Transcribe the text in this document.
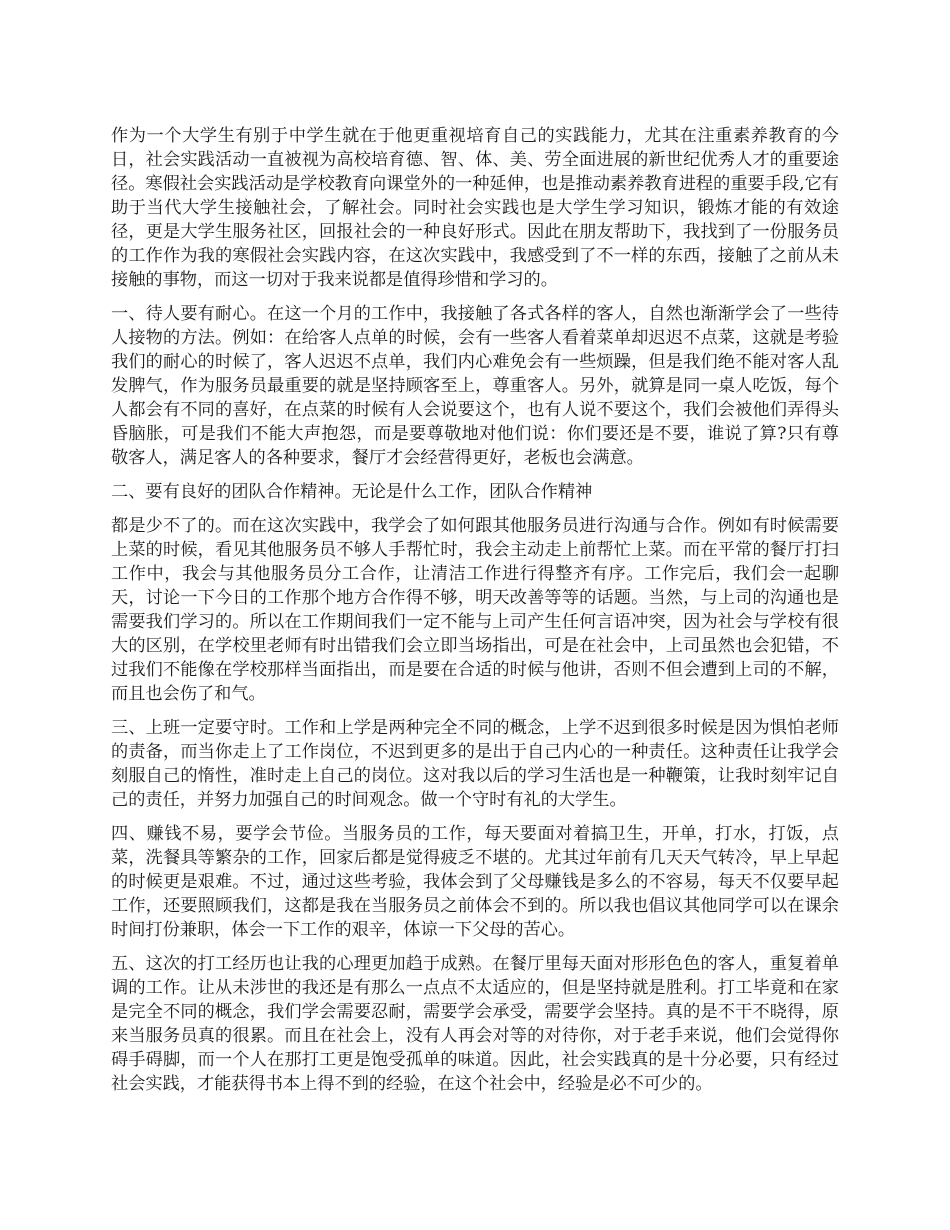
作为一个大学生有别于中学生就在于他更重视培育自己的实践能力，尤其在注重素养教育的今日，社会实践活动一直被视为高校培育德、智、体、美、劳全面进展的新世纪优秀人才的重要途径。寒假社会实践活动是学校教育向课堂外的一种延伸，也是推动素养教育进程的重要手段,它有助于当代大学生接触社会，了解社会。同时社会实践也是大学生学习知识，锻炼才能的有效途径，更是大学生服务社区，回报社会的一种良好形式。因此在朋友帮助下，我找到了一份服务员的工作作为我的寒假社会实践内容，在这次实践中，我感受到了不一样的东西，接触了之前从未接触的事物，而这一切对于我来说都是值得珍惜和学习的。

一、待人要有耐心。在这一个月的工作中，我接触了各式各样的客人，自然也渐渐学会了一些待人接物的方法。例如：在给客人点单的时候，会有一些客人看着菜单却迟迟不点菜，这就是考验我们的耐心的时候了，客人迟迟不点单，我们内心难免会有一些烦躁，但是我们绝不能对客人乱发脾气，作为服务员最重要的就是坚持顾客至上，尊重客人。另外，就算是同一桌人吃饭，每个人都会有不同的喜好，在点菜的时候有人会说要这个，也有人说不要这个，我们会被他们弄得头昏脑胀，可是我们不能大声抱怨，而是要尊敬地对他们说：你们要还是不要，谁说了算?只有尊敬客人，满足客人的各种要求，餐厅才会经营得更好，老板也会满意。

二、要有良好的团队合作精神。无论是什么工作，团队合作精神

都是少不了的。而在这次实践中，我学会了如何跟其他服务员进行沟通与合作。例如有时候需要上菜的时候，看见其他服务员不够人手帮忙时，我会主动走上前帮忙上菜。而在平常的餐厅打扫工作中，我会与其他服务员分工合作，让清洁工作进行得整齐有序。工作完后，我们会一起聊天，讨论一下今日的工作那个地方合作得不够，明天改善等等的话题。当然，与上司的沟通也是需要我们学习的。所以在工作期间我们一定不能与上司产生任何言语冲突，因为社会与学校有很大的区别，在学校里老师有时出错我们会立即当场指出，可是在社会中，上司虽然也会犯错，不过我们不能像在学校那样当面指出，而是要在合适的时候与他讲，否则不但会遭到上司的不解，而且也会伤了和气。

三、上班一定要守时。工作和上学是两种完全不同的概念，上学不迟到很多时候是因为惧怕老师的责备，而当你走上了工作岗位，不迟到更多的是出于自己内心的一种责任。这种责任让我学会刻服自己的惰性，准时走上自己的岗位。这对我以后的学习生活也是一种鞭策，让我时刻牢记自己的责任，并努力加强自己的时间观念。做一个守时有礼的大学生。

四、赚钱不易，要学会节俭。当服务员的工作，每天要面对着搞卫生，开单，打水，打饭，点菜，洗餐具等繁杂的工作，回家后都是觉得疲乏不堪的。尤其过年前有几天天气转冷，早上早起的时候更是艰难。不过，通过这些考验，我体会到了父母赚钱是多么的不容易，每天不仅要早起工作，还要照顾我们，这都是我在当服务员之前体会不到的。所以我也倡议其他同学可以在课余时间打份兼职，体会一下工作的艰辛，体谅一下父母的苦心。

五、这次的打工经历也让我的心理更加趋于成熟。在餐厅里每天面对形形色色的客人，重复着单调的工作。让从未涉世的我还是有那么一点点不太适应的，但是坚持就是胜利。打工毕竟和在家是完全不同的概念，我们学会需要忍耐，需要学会承受，需要学会坚持。真的是不干不晓得，原来当服务员真的很累。而且在社会上，没有人再会对等的对待你，对于老手来说，他们会觉得你碍手碍脚，而一个人在那打工更是饱受孤单的味道。因此，社会实践真的是十分必要，只有经过社会实践，才能获得书本上得不到的经验，在这个社会中，经验是必不可少的。
